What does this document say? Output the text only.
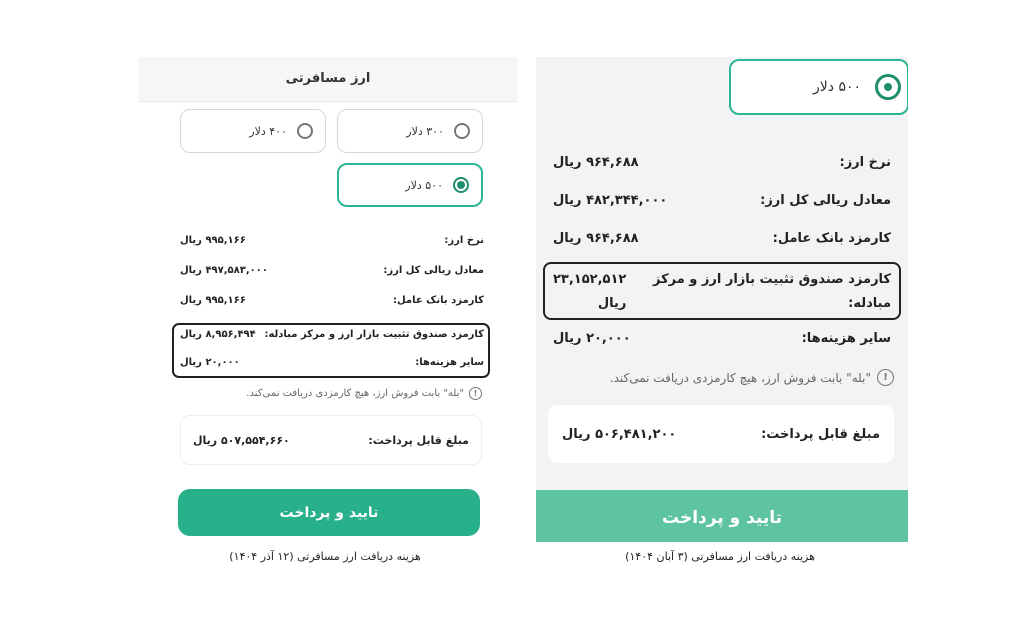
ارز مسافرتی
۴۰۰ دلار	۳۰۰ دلار
۵۰۰ دلار
نرخ ارز:
۹۹۵,۱۶۶ ریال
معادل ریالی کل ارز:
۴۹۷,۵۸۳,۰۰۰ ریال
کارمزد بانک عامل:
۹۹۵,۱۶۶ ریال
کارمزد صندوق تثبیت بازار ارز و مرکز مبادله:
۸,۹۵۶,۴۹۴ ریال
سایر هزینه‌ها:
۲۰,۰۰۰ ریال
!
"بله" بابت فروش ارز، هیچ کارمزدی دریافت نمی‌کند.
مبلغ قابل پرداخت:
۵۰۷,۵۵۴,۶۶۰ ریال
تایید و پرداخت
۵۰۰ دلار
نرخ ارز:
۹۶۴,۶۸۸ ریال
معادل ریالی کل ارز:
۴۸۲,۳۴۴,۰۰۰ ریال
کارمزد بانک عامل:
۹۶۴,۶۸۸ ریال
کارمزد صندوق تثبیت بازار ارز و مرکز
مبادله:
۲۳,۱۵۲,۵۱۲
ریال
سایر هزینه‌ها:
۲۰,۰۰۰ ریال
!
"بله" بابت فروش ارز، هیچ کارمزدی دریافت نمی‌کند.
مبلغ قابل پرداخت:
۵۰۶,۴۸۱,۲۰۰ ریال
تایید و پرداخت
هزینه دریافت ارز مسافرتی (۱۲ آذر ۱۴۰۴)	هزینه دریافت ارز مسافرتی (۳ آبان ۱۴۰۴)
